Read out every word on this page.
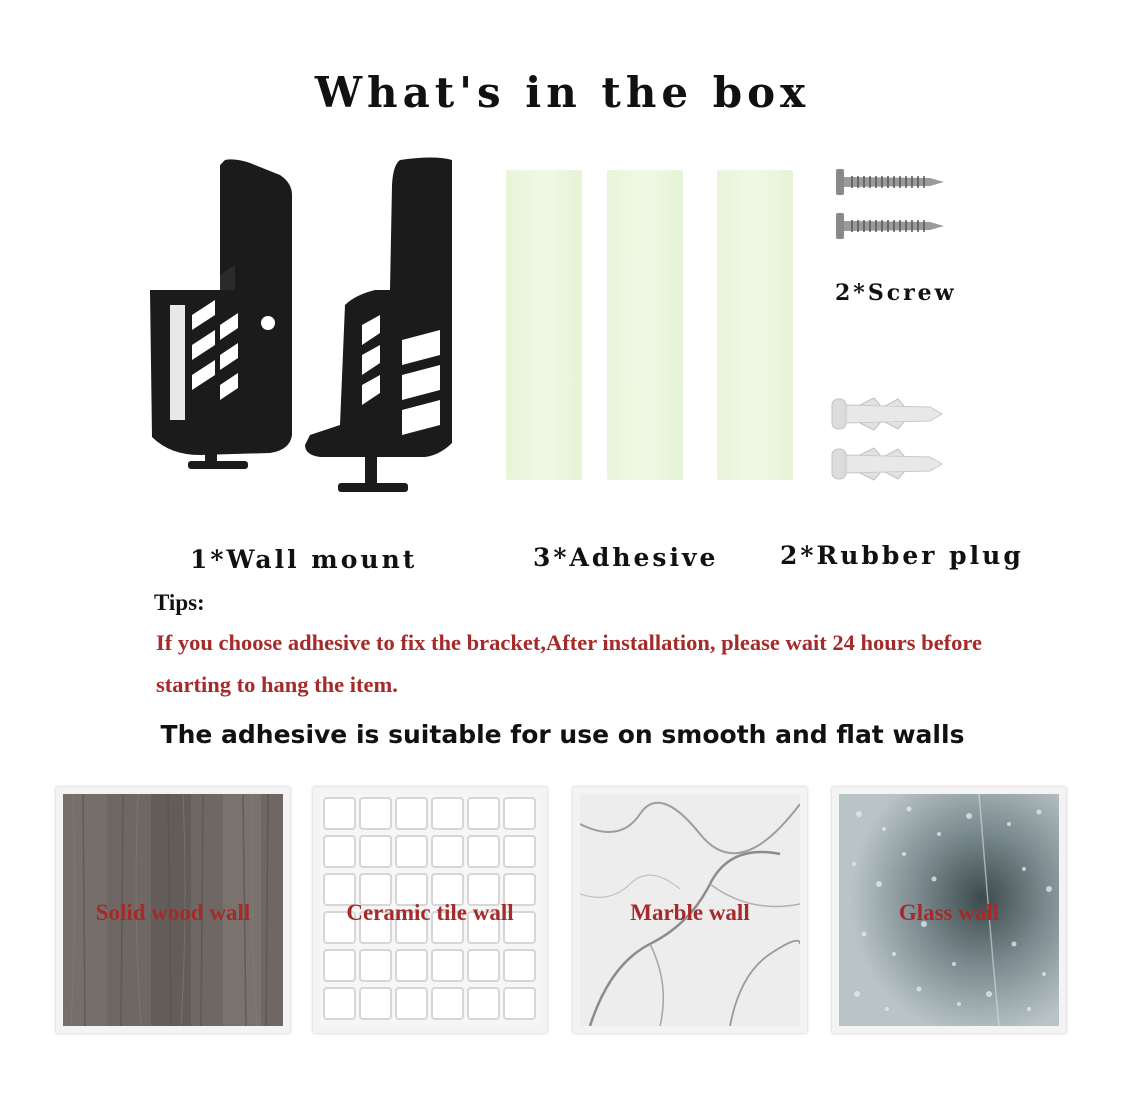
What's in the box
2*Screw
1*Wall mount	3*Adhesive 2*Rubber plug
Tips:
If you choose adhesive to fix the bracket,After installation, please wait 24 hours before starting to hang the item.
The adhesive is suitable for use on smooth and flat walls
Solid wood wall	Ceramic tile wall	Marble wall	Glass wall
